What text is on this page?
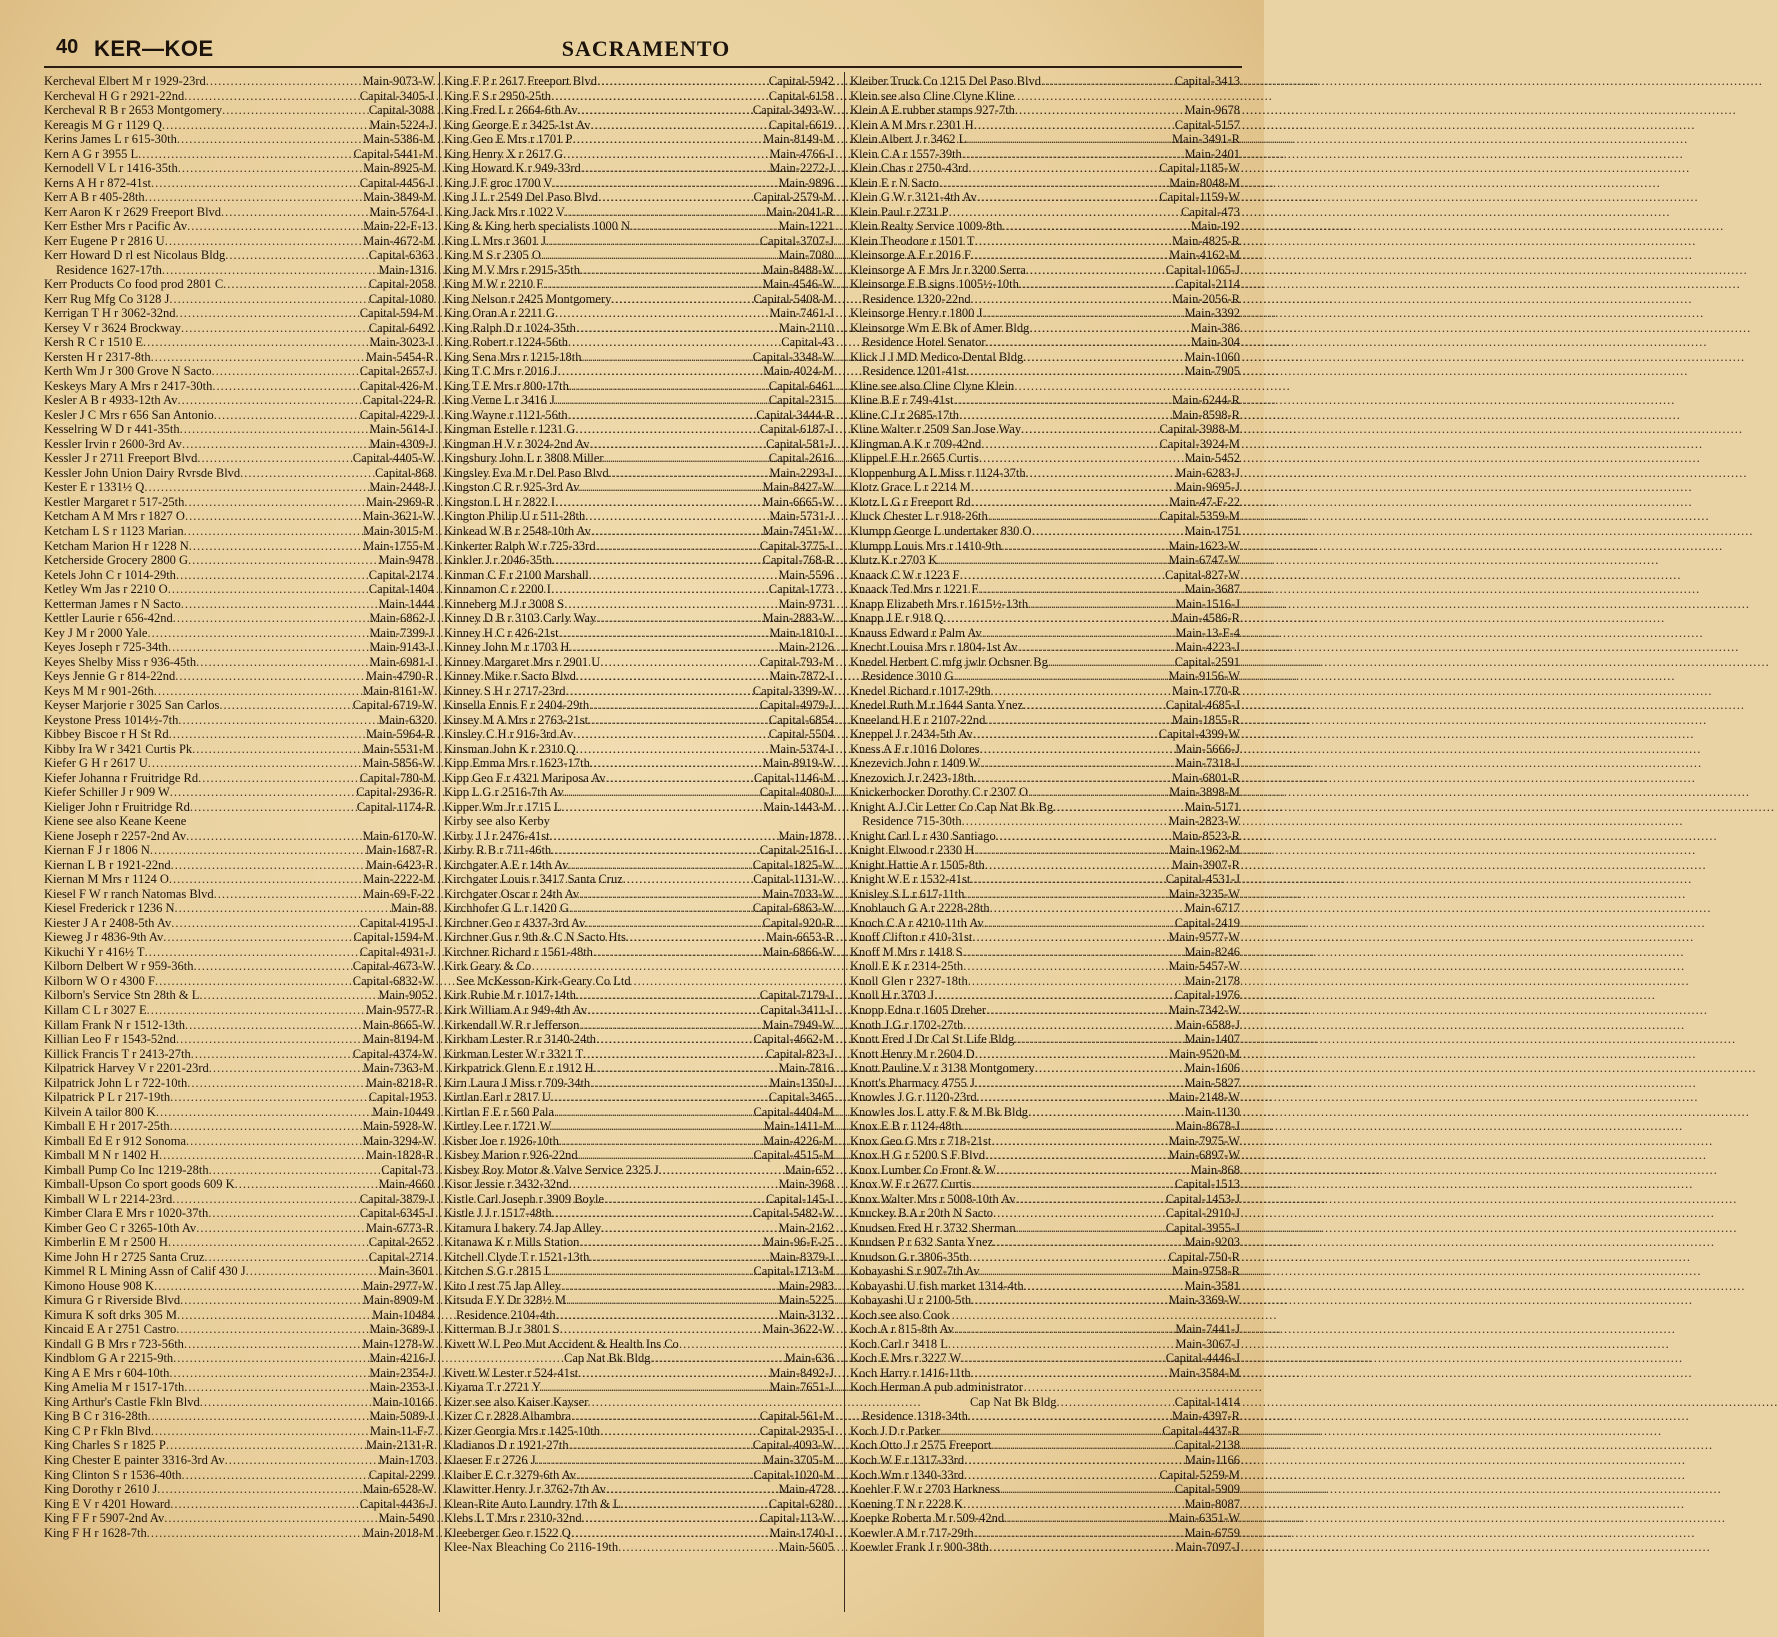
40 KER—KOE	SACRAMENTO
Kercheval Elbert M r 1929-23rd .....	Main-9073-W
Kercheval H G r 2921-22nd .....	Capital-3405-J
Kercheval R B r 2653 Montgomery .....	Capital-3088
Kereagis M G r 1129 Q .....	Main-5224-J
Kerins James L r 615-30th .....	Main-5386-M
Kern A G r 3955 L .....	Capital-5441-M
Kernodell V L r 1416-35th .....	Main-8925-M
Kerns A H r 872-41st .....	Capital-4456-J
Kerr A B r 405-28th .....	Main-3849-M
Kerr Aaron K r 2629 Freeport Blvd .....	Main-5764-J
Kerr Esther Mrs r Pacific Av .....	Main-22-F-13
Kerr Eugene P r 2816 U .....	Main-4672-M
Kerr Howard D rl est Nicolaus Bldg .....	Capital-6363
Residence 1627-17th .....	Main-1316
Kerr Products Co food prod 2801 C .....	Capital-2058
Kerr Rug Mfg Co 3128 J .....	Capital-1080
Kerrigan T H r 3062-32nd .....	Capital-594-M
Kersey V r 3624 Brockway .....	Capital-6492
Kersh R C r 1510 E .....	Main-3023-J
Kersten H r 2317-8th .....	Main-5454-R
Kerth Wm J r 300 Grove N Sacto .....	Capital-2657-J
Keskeys Mary A Mrs r 2417-30th .....	Capital-426-M
Kesler A B r 4933-12th Av .....	Capital-224-R
Kesler J C Mrs r 656 San Antonio .....	Capital-4229-J
Kesselring W D r 441-35th .....	Main-5614-J
Kessler Irvin r 2600-3rd Av .....	Main-4309-J
Kessler J r 2711 Freeport Blvd .....	Capital-4405-W
Kessler John Union Dairy Rvrsde Blvd .....	Capital-868
Kester E r 1331½ Q .....	Main-2448-J
Kestler Margaret r 517-25th .....	Main-2969-R
Ketcham A M Mrs r 1827 O .....	Main-3621-W
Ketcham L S r 1123 Marian .....	Main-3015-M
Ketcham Marion H r 1228 N .....	Main-1755-M
Ketcherside Grocery 2800 G .....	Main-9478
Ketels John C r 1014-29th .....	Capital-2174
Ketley Wm Jas r 2210 O .....	Capital-1404
Ketterman James r N Sacto .....	Main-1444
Kettler Laurie r 656-42nd .....	Main-6862-J
Key J M r 2000 Yale .....	Main-7399-J
Keyes Joseph r 725-34th .....	Main-9143-J
Keyes Shelby Miss r 936-45th .....	Main-6981-J
Keys Jennie G r 814-22nd .....	Main-4790-R
Keys M M r 901-26th .....	Main-8161-W
Keyser Marjorie r 3025 San Carlos .....	Capital-6719-W
Keystone Press 1014½-7th .....	Main-6320
Kibbey Biscoe r H St Rd .....	Main-5964-R
Kibby Ira W r 3421 Curtis Pk .....	Main-5531-M
Kiefer G H r 2617 U .....	Main-5856-W
Kiefer Johanna r Fruitridge Rd .....	Capital-780-M
Kiefer Schiller J r 909 W .....	Capital-2936-R
Kieliger John r Fruitridge Rd .....	Capital-1174-R
Kiene see also Keane Keene
Kiene Joseph r 2257-2nd Av .....	Main-6170-W
Kiernan F J r 1806 N .....	Main-1687-R
Kiernan L B r 1921-22nd .....	Main-6423-R
Kiernan M Mrs r 1124 O .....	Main-2222-M
Kiesel F W r ranch Natomas Blvd .....	Main-69-F-22
Kiesel Frederick r 1236 N .....	Main-88
Kiester J A r 2408-5th Av .....	Capital-4195-J
Kieweg J r 4836-9th Av .....	Capital-1594-M
Kikuchi Y r 416½ T .....	Capital-4931-J
Kilborn Delbert W r 959-36th .....	Capital-4673-W
Kilborn W O r 4300 F .....	Capital-6832-W
Kilborn's Service Stn 28th & L .....	Main-9052
Killam C L r 3027 E .....	Main-9577-R
Killam Frank N r 1512-13th .....	Main-8665-W
Killian Leo F r 1543-52nd .....	Main-8194-M
Killick Francis T r 2413-27th .....	Capital-4374-W
Kilpatrick Harvey V r 2201-23rd .....	Main-7363-M
Kilpatrick John L r 722-10th .....	Main-8218-R
Kilpatrick P L r 217-19th .....	Capital-1953
Kilvein A tailor 800 K .....	Main-10449
Kimball E H r 2017-25th .....	Main-5928-W
Kimball Ed E r 912 Sonoma .....	Main-3294-W
Kimball M N r 1402 H .....	Main-1828-R
Kimball Pump Co Inc 1219-28th .....	Capital-73
Kimball-Upson Co sport goods 609 K .....	Main-4660
Kimball W L r 2214-23rd .....	Capital-3879-J
Kimber Clara E Mrs r 1020-37th .....	Capital-6345-J
Kimber Geo C r 3265-10th Av .....	Main-6773-R
Kimberlin E M r 2500 H .....	Capital-2652
Kime John H r 2725 Santa Cruz .....	Capital-2714
Kimmel R L Mining Assn of Calif 430 J .....	Main-3601
Kimono House 908 K .....	Main-2977-W
Kimura G r Riverside Blvd .....	Main-8909-M
Kimura K soft drks 305 M .....	Main-10484
Kincaid E A r 2751 Castro .....	Main-3689-J
Kindall G B Mrs r 723-56th .....	Main-1278-W
Kindblom G A r 2215-9th .....	Main-4216-J
King A E Mrs r 604-10th .....	Main-2354-J
King Amelia M r 1517-17th .....	Main-2353-J
King Arthur's Castle Fkln Blvd .....	Main-10166
King B C r 316-28th .....	Main-5089-J
King C P r Fkln Blvd .....	Main-11-F-7
King Charles S r 1825 P .....	Main-2131-R
King Chester E painter 3316-3rd Av .....	Main-1703
King Clinton S r 1536-40th .....	Capital-2299
King Dorothy r 2610 J .....	Main-6528-W
King E V r 4201 Howard .....	Capital-4436-J
King F F r 5907-2nd Av .....	Main-5490
King F H r 1628-7th .....	Main-2018-M
King F P r 2617 Freeport Blvd .....	Capital-5942
King F S r 2950-25th .....	Capital-6158
King Fred L r 2664-6th Av .....	Capital-3493-W
King George E r 3425-1st Av .....	Capital-6619
King Geo E Mrs r 1701 P .....	Main-8149-M
King Henry X r 2617 G .....	Main-4766-J
King Howard K r 949-33rd .....	Main-2272-J
King J F groc 1700 V .....	Main-9896
King J L r 2549 Del Paso Blvd .....	Capital-2579-M
King Jack Mrs r 1022 V .....	Main-2041-R
King & King herb specialists 1000 N .....	Main-1221
King L Mrs r 3601 J .....	Capital-3707-J
King M S r 2305 O .....	Main-7080
King M V Mrs r 2915-35th .....	Main-8488-W
King M W r 2210 F .....	Main-4546-W
King Nelson r 2425 Montgomery .....	Capital-5408-M
King Oran A r 2211 G .....	Main-7461-J
King Ralph D r 1024-35th .....	Main-2110
King Robert r 1224-56th .....	Capital-43
King Sena Mrs r 1215-18th .....	Capital-3348-W
King T C Mrs r 2016 J .....	Main-4024-M
King T E Mrs r 800-17th .....	Capital-6461
King Verne L r 3416 J .....	Capital-2315
King Wayne r 1121-56th .....	Capital-3444-R
Kingman Estelle r 1231 G .....	Capital-6187-J
Kingman H V r 3024-2nd Av .....	Capital-581-J
Kingsbury John L r 3808 Miller .....	Capital-2616
Kingsley Eva M r Del Paso Blvd .....	Main-2293-J
Kingston C R r 925-3rd Av .....	Main-8427-W
Kingston L H r 2822 I .....	Main-6665-W
Kington Philip U r 511-28th .....	Main-5731-J
Kinkead W B r 2548-10th Av .....	Main-7451-W
Kinkerter Ralph W r 725-33rd .....	Capital-3775-J
Kinkler J r 2046-35th .....	Capital-768-R
Kinman C F r 2100 Marshall .....	Main-5596
Kinnamon C r 2200 I .....	Capital-1773
Kinneberg M J r 3008 S .....	Main-9731
Kinney D B r 3103 Carly Way .....	Main-2883-W
Kinney H C r 426-21st .....	Main-1810-J
Kinney John M r 1703 H .....	Main-2126
Kinney Margaret Mrs r 2901 U .....	Capital-793-M
Kinney Mike r Sacto Blvd .....	Main-7872-J
Kinney S H r 2717-23rd .....	Capital-3399-W
Kinsella Ennis F r 2404-29th .....	Capital-4979-J
Kinsey M A Mrs r 2763-21st .....	Capital-6854
Kinsley C H r 916-3rd Av .....	Capital-5504
Kinsman John K r 2310 Q .....	Main-5374-J
Kipp Emma Mrs r 1623-17th .....	Main-8919-W
Kipp Geo F r 4321 Mariposa Av .....	Capital-1146-M
Kipp L G r 2516-7th Av .....	Capital-4080-J
Kipper Wm Jr r 1715 L .....	Main-1443-M
Kirby see also Kerby
Kirby J J r 2476-41st .....	Main-1878
Kirby R B r 711-46th .....	Capital-2516-J
Kirchgater A E r 14th Av .....	Capital-1825-W
Kirchgater Louis r 3417 Santa Cruz .....	Capital-1131-W
Kirchgater Oscar r 24th Av .....	Main-7033-W
Kirchhofer G L r 1420 G .....	Capital-6863-W
Kirchner Geo r 4337-3rd Av .....	Capital-920-R
Kirchner Gus r 9th & C N Sacto Hts .....	Main-6653-R
Kirchner Richard r 1561-48th .....	Main-6866-W
Kirk Geary & Co
See McKesson-Kirk-Geary Co Ltd
Kirk Rubie M r 1017-14th .....	Capital-7179-J
Kirk William A r 949-4th Av .....	Capital-3411-J
Kirkendall W R r Jefferson .....	Main-7949-W
Kirkham Lester R r 3140-24th .....	Capital-4662-M
Kirkman Lester W r 3321 T .....	Capital-823-J
Kirkpatrick Glenn E r 1912 H .....	Main-7816
Kirn Laura J Miss r 709-34th .....	Main-1350-J
Kirtlan Earl r 2817 U .....	Capital-3465
Kirtlan F E r 560 Pala .....	Capital-4404-M
Kirtley Lee r 1721 W .....	Main-1411-M
Kisber Joe r 1926-10th .....	Main-4226-M
Kisbey Marion r 926-22nd .....	Capital-4515-M
Kisbey Roy Motor & Valve Service 2325 J .....	Main-652
Kisor Jessie r 3432-32nd .....	Main-3968
Kistle Carl Joseph r 3909 Boyle .....	Capital-145-J
Kistle J J r 1517-48th .....	Capital-5482-W
Kitamura I bakery 74 Jap Alley .....	Main-2162
Kitanawa K r Mills Station .....	Main-96-F-25
Kitchell Clyde T r 1521-13th .....	Main-8379-J
Kitchen S G r 2815 I .....	Capital-1713-M
Kito J rest 75 Jap Alley .....	Main-2983
Kitsuda F Y Dr 328½ M .....	Main-5225
Residence 2104-4th .....	Main-3132
Kitterman B J r 3801 S .....	Main-3622-W
Kivett W L Peo Mut Accident & Health Ins Co
Cap Nat Bk Bldg .....	Main-636
Kivett W Lester r 524-41st .....	Main-8492-J
Kiyama T r 2721 Y .....	Main-7651-J
Kizer see also Kaiser Kayser
Kizer C r 2828 Alhambra .....	Capital-561-M
Kizer Georgia Mrs r 1425-10th .....	Capital-2935-J
Kladianos D r 1921-27th .....	Capital-4093-W
Klaeser F r 2726 J .....	Main-3705-M
Klaiber E C r 3279-6th Av .....	Capital-1020-M
Klawitter Henry J r 3762-7th Av .....	Main-4728
Klean-Rite Auto Laundry 17th & L .....	Capital-6280
Klebs L T Mrs r 2310-32nd .....	Capital-113-W
Kleeberger Geo r 1522 Q .....	Main-1740-J
Klee-Nax Bleaching Co 2116-19th .....	Main-5605
Kleiber Truck Co 1215 Del Paso Blvd .....	Capital-3413
Klein see also Cline Clyne Kline
Klein A E rubber stamps 927-7th .....	Main-9678
Klein A M Mrs r 2301 H .....	Capital-5157
Klein Albert J r 3462 L .....	Main-3491-R
Klein C A r 1557-39th .....	Main-2401
Klein Chas r 2750-43rd .....	Capital-1185-W
Klein E r N Sacto .....	Main-8048-M
Klein G W r 3121-4th Av .....	Capital-1159-W
Klein Paul r 2731 P .....	Capital-473
Klein Realty Service 1009-8th .....	Main-192
Klein Theodore r 1501 T .....	Main-4825-R
Kleinsorge A F r 2016 F .....	Main-4162-M
Kleinsorge A F Mrs Jr r 3200 Serra .....	Capital-1065-J
Kleinsorge F B signs 1005½-10th .....	Capital-2114
Residence 1320-22nd .....	Main-2056-R
Kleinsorge Henry r 1800 J .....	Main-3392
Kleinsorge Wm E Bk of Amer Bldg .....	Main-386
Residence Hotel Senator .....	Main-304
Klick J J MD Medico-Dental Bldg .....	Main-1060
Residence 1201-41st .....	Main-7905
Kline see also Cline Clyne Klein
Kline B F r 749-41st .....	Main-6244-R
Kline C J r 2685-17th .....	Main-8598-R
Kline Walter r 2509 San Jose Way .....	Capital-3988-M
Klingman A K r 709-42nd .....	Capital-3924-M
Klippel F H r 2665 Curtis .....	Main-5452
Kloppenburg A L Miss r 1124-37th .....	Main-6283-J
Klotz Grace L r 2214 M .....	Main-9695-J
Klotz L G r Freeport Rd .....	Main-47-F-22
Kluck Chester L r 918-26th .....	Capital-5359-M
Klumpp George L undertaker 830 O .....	Main-1751
Klumpp Louis Mrs r 1410-9th .....	Main-1623-W
Klutz K r 2703 K .....	Main-6747-W
Knaack C W r 1223 F .....	Capital-827-W
Knaack Ted Mrs r 1221 F .....	Main-3687
Knapp Elizabeth Mrs r 1615½-13th .....	Main-1516-J
Knapp J E r 918 Q .....	Main-4586-R
Knauss Edward r Palm Av .....	Main-13-F-4
Knecht Louisa Mrs r 1804-1st Av .....	Main-4223-J
Knedel Herbert C mfg jwlr Ochsner Bg .....	Capital-2591
Residence 3010 G .....	Main-9156-W
Knedel Richard r 1017-29th .....	Main-1770-R
Knedel Ruth M r 1644 Santa Ynez .....	Capital-4685-J
Kneeland H E r 2107-22nd .....	Main-1855-R
Kneppel J r 2434-5th Av .....	Capital-4399-W
Kness A F r 1016 Dolores .....	Main-5666-J
Knezevich John r 1409 W .....	Main-7318-J
Knezovich J r 2423-18th .....	Main-6801-R
Knickerbocker Dorothy C r 2307 O .....	Main-3898-M
Knight A J Cir Letter Co Cap Nat Bk Bg .....	Main-5171
Residence 715-30th .....	Main-2823-W
Knight Carl L r 430 Santiago .....	Main-8523-R
Knight Elwood r 2330 H .....	Main-1962-M
Knight Hattie A r 1505-8th .....	Main-3907-R
Knight W E r 1532-41st .....	Capital-4531-J
Knisley S L r 617-11th .....	Main-3235-W
Knoblauch G A r 2228-28th .....	Main-6717
Knoch C A r 4210-11th Av .....	Capital-2419
Knoff Clifton r 410-31st .....	Main-9577-W
Knoff M Mrs r 1418 S .....	Main-8246
Knoll E K r 2314-25th .....	Main-5457-W
Knoll Glen r 2327-18th .....	Main-2178
Knoll H r 3703 J .....	Capital-1976
Knopp Edna r 1605 Dreher .....	Main-7342-W
Knoth J G r 1702-27th .....	Main-6588-J
Knott Fred J Dr Cal St Life Bldg .....	Main-1407
Knott Henry M r 2604 D .....	Main-9520-M
Knott Pauline V r 3138 Montgomery .....	Main-1606
Knott's Pharmacy 4755 J .....	Main-5827
Knowles J G r 1120-23rd .....	Main-2148-W
Knowles Jos L atty F & M Bk Bldg .....	Main-1130
Knox E B r 1124-48th .....	Main-8678-J
Knox Geo G Mrs r 718-21st .....	Main-7975-W
Knox H G r 5200 S F Blvd .....	Main-6897-W
Knox Lumber Co Front & W .....	Main-868
Knox W F r 2677 Curtis .....	Capital-1513
Knox Walter Mrs r 5008-10th Av .....	Capital-1453-J
Knuckey B A r 20th N Sacto .....	Capital-2910-J
Knudsen Fred H r 3732 Sherman .....	Capital-3955-J
Knudsen P r 632 Santa Ynez .....	Main-9203
Knudson G r 3806-35th .....	Capital-750-R
Kobayashi S r 907-7th Av .....	Main-9758-R
Kobayashi U fish market 1314-4th .....	Main-3581
Kobayashi U r 2100-5th .....	Main-3369-W
Koch see also Cook
Koch A r 815-8th Av .....	Main-7441-J
Koch Carl r 3418 L .....	Main-3067-J
Koch E Mrs r 3227 W .....	Capital-4446-J
Koch Harry r 1416-11th .....	Main-3584-M
Koch Herman A pub administrator
Cap Nat Bk Bldg .....	Capital-1414
Residence 1318-34th .....	Main-4397-R
Koch J D r Parker .....	Capital-4437-R
Koch Otto J r 2575 Freeport .....	Capital-2138
Koch W F r 1317-33rd .....	Main-1166
Koch Wm r 1340-33rd .....	Capital-5259-M
Koehler F W r 2703 Harkness .....	Capital-5909
Koening T N r 2228 K .....	Main-8087
Koepke Roberta M r 509-42nd .....	Main-6351-W
Koewler A M r 717-29th .....	Main-6759
Koewler Frank J r 900-38th .....	Main-7097-J
